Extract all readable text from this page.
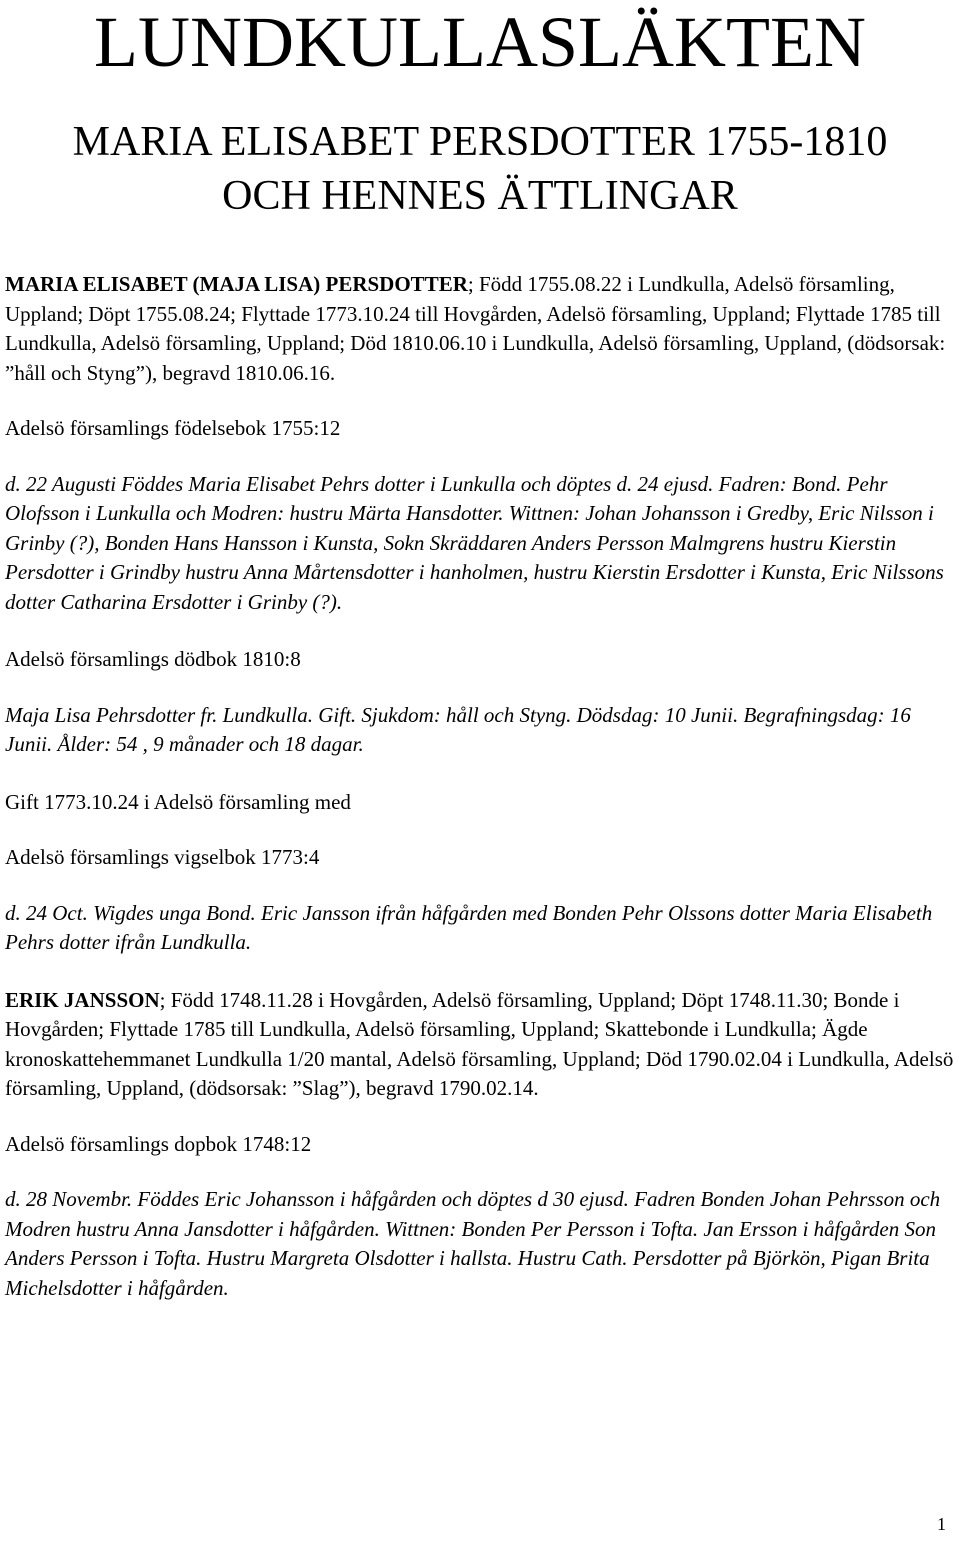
LUNDKULLASLÄKTEN
MARIA ELISABET PERSDOTTER 1755-1810
OCH HENNES ÄTTLINGAR

MARIA ELISABET (MAJA LISA) PERSDOTTER; Född 1755.08.22 i Lundkulla, Adelsö församling, Uppland; Döpt 1755.08.24; Flyttade 1773.10.24 till Hovgården, Adelsö församling, Uppland; Flyttade 1785 till Lundkulla, Adelsö församling, Uppland; Död 1810.06.10 i Lundkulla, Adelsö församling, Uppland, (dödsorsak: ”håll och Styng”), begravd 1810.06.16.

Adelsö församlings födelsebok 1755:12

d. 22 Augusti Föddes Maria Elisabet Pehrs dotter i Lunkulla och döptes d. 24 ejusd. Fadren: Bond. Pehr Olofsson i Lunkulla och Modren: hustru Märta Hansdotter. Wittnen: Johan Johansson i Gredby, Eric Nilsson i Grinby (?), Bonden Hans Hansson i Kunsta, Sokn Skräddaren Anders Persson Malmgrens hustru Kierstin Persdotter i Grindby hustru Anna Mårtensdotter i hanholmen, hustru Kierstin Ersdotter i Kunsta, Eric Nilssons dotter Catharina Ersdotter i Grinby (?).

Adelsö församlings dödbok 1810:8

Maja Lisa Pehrsdotter fr. Lundkulla. Gift. Sjukdom: håll och Styng. Dödsdag: 10 Junii. Begrafningsdag: 16 Junii. Ålder: 54 , 9 månader och 18 dagar.

Gift 1773.10.24 i Adelsö församling med

Adelsö församlings vigselbok 1773:4

d. 24 Oct. Wigdes unga Bond. Eric Jansson ifrån håfgården med Bonden Pehr Olssons dotter Maria Elisabeth Pehrs dotter ifrån Lundkulla.

ERIK JANSSON; Född 1748.11.28 i Hovgården, Adelsö församling, Uppland; Döpt 1748.11.30; Bonde i Hovgården; Flyttade 1785 till Lundkulla, Adelsö församling, Uppland; Skattebonde i Lundkulla; Ägde kronoskattehemmanet Lundkulla 1/20 mantal, Adelsö församling, Uppland; Död 1790.02.04 i Lundkulla, Adelsö församling, Uppland, (dödsorsak: ”Slag”), begravd 1790.02.14.

Adelsö församlings dopbok 1748:12

d. 28 Novembr. Föddes Eric Johansson i håfgården och döptes d 30 ejusd. Fadren Bonden Johan Pehrsson och Modren hustru Anna Jansdotter i håfgården. Wittnen: Bonden Per Persson i Tofta. Jan Ersson i håfgården Son Anders Persson i Tofta. Hustru Margreta Olsdotter i hallsta. Hustru Cath. Persdotter på Björkön, Pigan Brita Michelsdotter i håfgården.

1
